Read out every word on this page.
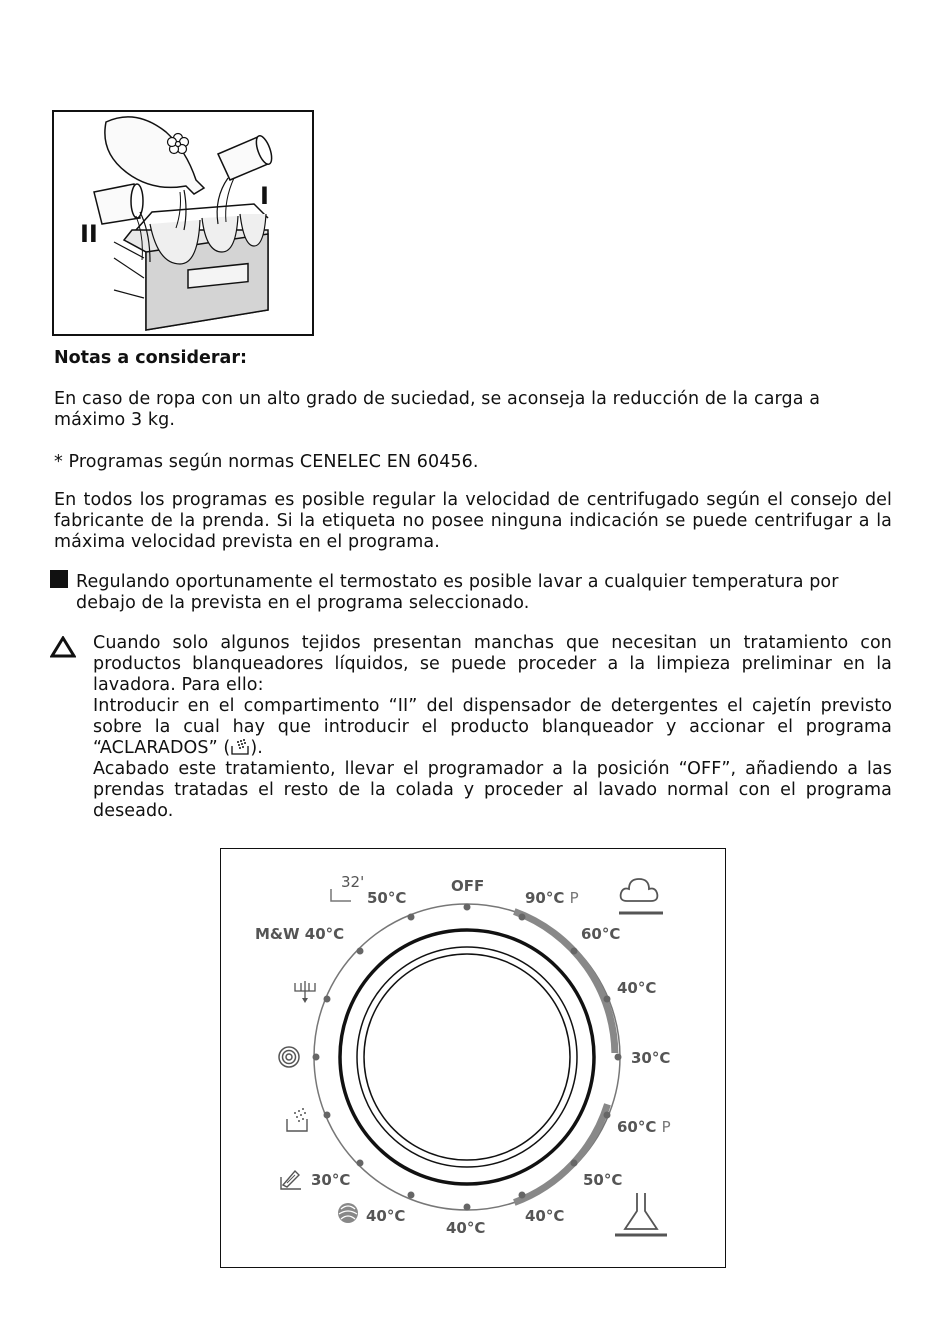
I
II
Notas a considerar:
En caso de ropa con un alto grado de suciedad, se aconseja la reducción de la carga a máximo 3 kg.
* Programas según normas CENELEC EN 60456.
En todos los programas es posible regular la velocidad de centrifugado según el consejo del fabricante de la prenda. Si la etiqueta no posee ninguna indicación se puede centrifugar a la máxima velocidad prevista en el programa.
Regulando oportunamente el termostato es posible lavar a cualquier temperatura por debajo de la prevista en el programa seleccionado.
Cuando solo algunos tejidos presentan manchas que necesitan un tratamiento con productos blanqueadores líquidos, se puede proceder a la limpieza preliminar en la lavadora. Para ello:
Introducir en el compartimento “II” del dispensador de detergentes el cajetín previsto sobre la cual hay que introducir el producto blanqueador y accionar el programa “ACLARADOS” ( ).
Acabado este tratamiento, llevar el programador a la posición “OFF”, añadiendo a las prendas tratadas el resto de la colada y proceder al lavado normal con el programa deseado.
OFF
90°C P
60°C
40°C
30°C
60°C P
50°C
40°C
40°C
40°C
30°C
M&W 40°C
50°C
32'
